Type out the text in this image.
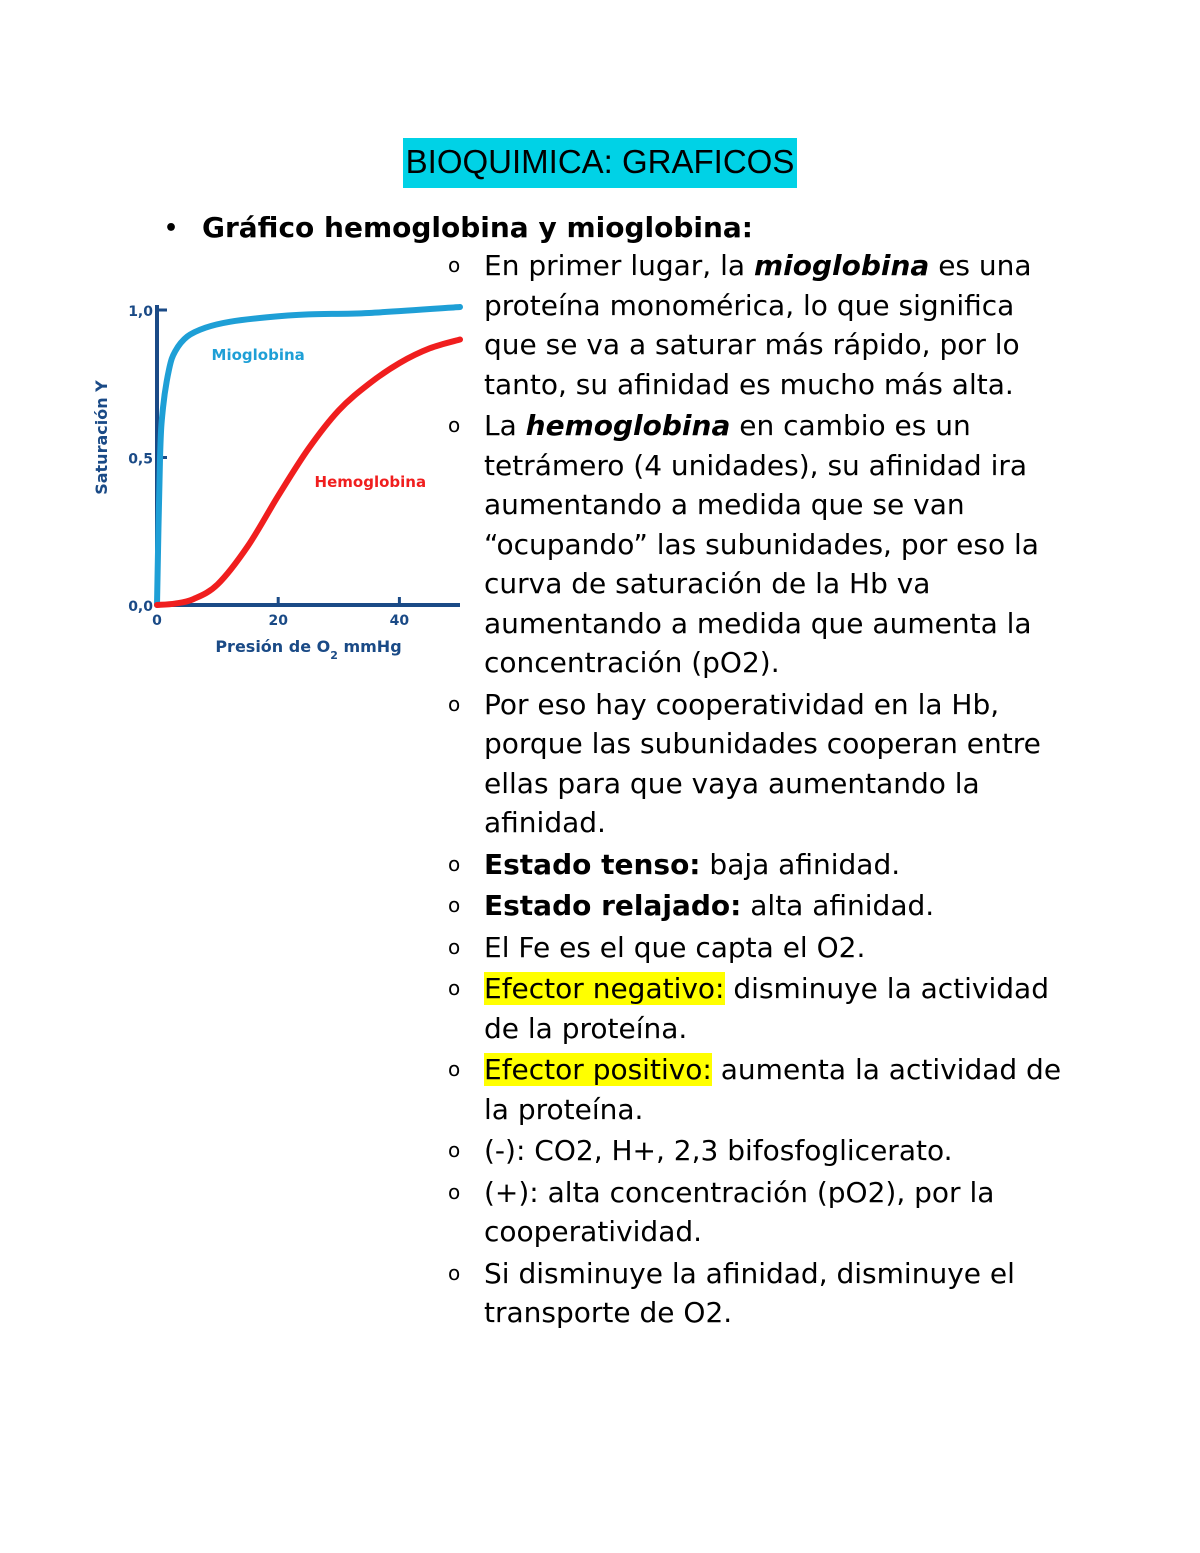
BIOQUIMICA: GRAFICOS
• Gráfico hemoglobina y mioglobina:
0,0
0,5
1,0
0	20	40
Presión de $O_2$ mmHg
Saturación Y
Mioglobina
Hemoglobina
o En primer lugar, la mioglobina es una proteína monomérica, lo que significa que se va a saturar más rápido, por lo tanto, su afinidad es mucho más alta.
o La hemoglobina en cambio es un tetrámero (4 unidades), su afinidad ira aumentando a medida que se van “ocupando” las subunidades, por eso la curva de saturación de la Hb va aumentando a medida que aumenta la concentración (pO2).
o Por eso hay cooperatividad en la Hb, porque las subunidades cooperan entre ellas para que vaya aumentando la afinidad.
o Estado tenso: baja afinidad.
o Estado relajado: alta afinidad.
o El Fe es el que capta el O2.
o Efector negativo: disminuye la actividad de la proteína.
o Efector positivo: aumenta la actividad de la proteína.
o (-): CO2, H+, 2,3 bifosfoglicerato.
o (+): alta concentración (pO2), por la cooperatividad.
o Si disminuye la afinidad, disminuye el transporte de O2.
